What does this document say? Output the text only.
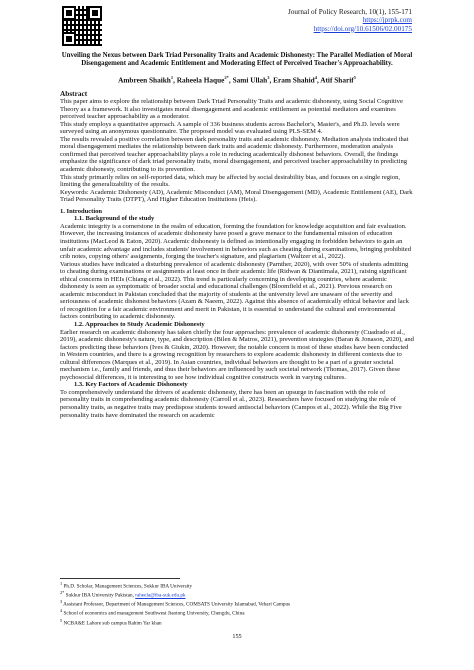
Journal of Policy Research, 10(1), 155-171
https://jprpk.com
https://doi.org/10.61506/02.00175

Unveiling the Nexus between Dark Triad Personality Traits and Academic Dishonesty: The Parallel Mediation of Moral Disengagement and Academic Entitlement and Moderating Effect of Perceived Teacher's Approachability.

Ambreen Shaikh$^1$, Raheela Haque$^{2*}$, Sami Ullah$^3$, Eram Shahid$^4$, Atif Sharif$^5$
Abstract

This paper aims to explore the relationship between Dark Triad Personality Traits and academic dishonesty, using Social Cognitive Theory as a framework. It also investigates moral disengagement and academic entitlement as potential mediators and examines perceived teacher approachability as a moderator.

This study employs a quantitative approach. A sample of 336 business students across Bachelor's, Master's, and Ph.D. levels were surveyed using an anonymous questionnaire. The proposed model was evaluated using PLS-SEM 4.

The results revealed a positive correlation between dark personality traits and academic dishonesty. Mediation analysis indicated that moral disengagement mediates the relationship between dark traits and academic dishonesty. Furthermore, moderation analysis confirmed that perceived teacher approachability plays a role in reducing academically dishonest behaviors. Overall, the findings emphasize the significance of dark triad personality traits, moral disengagement, and perceived teacher approachability in predicting academic dishonesty, contributing to its prevention.

This study primarily relies on self-reported data, which may be affected by social desirability bias, and focuses on a single region, limiting the generalizability of the results.

Keywords: Academic Dishonesty (AD), Academic Misconduct (AM), Moral Disengagement (MD), Academic Entitlement (AE), Dark Triad Personality Traits (DTPT), And Higher Education Institutions (Heis).

1. Introduction
1.1. Background of the study

Academic integrity is a cornerstone in the realm of education, forming the foundation for knowledge acquisition and fair evaluation. However, the increasing instances of academic dishonesty have posed a grave menace to the fundamental mission of education institutions (MacLeod & Eaton, 2020). Academic dishonesty is defined as intentionally engaging in forbidden behaviors to gain an unfair academic advantage and includes students' involvement in behaviors such as cheating during examinations, bringing prohibited crib notes, copying others' assignments, forging the teacher's signature, and plagiarism (Waltzer et al., 2022).

Various studies have indicated a disturbing prevalence of academic dishonesty (Parnther, 2020), with over 50% of students admitting to cheating during examinations or assignments at least once in their academic life (Ridwan & Diantimala, 2021), raising significant ethical concerns in HEIs (Chiang et al., 2022). This trend is particularly concerning in developing countries, where academic dishonesty is seen as symptomatic of broader social and educational challenges (Bloomfield et al., 2021). Previous research on academic misconduct in Pakistan concluded that the majority of students at the university level are unaware of the severity and seriousness of academic dishonest behaviors (Azam & Naeem, 2022). Against this absence of academically ethical behavior and lack of recognition for a fair academic environment and merit in Pakistan, it is essential to understand the cultural and environmental factors contributing to academic dishonesty.

1.2. Approaches to Study Academic Dishonesty

Earlier research on academic dishonesty has taken chiefly the four approaches: prevalence of academic dishonesty (Cuadrado et al., 2019), academic dishonesty's nature, type, and description (Bilen & Matros, 2021), prevention strategies (Baran & Jonason, 2020), and factors predicting these behaviors (Ives & Giukin, 2020). However, the notable concern is most of these studies have been conducted in Western countries, and there is a growing recognition by researchers to explore academic dishonesty in different contexts due to cultural differences (Marques et al., 2019). In Asian countries, individual behaviors are thought to be a part of a greater societal mechanism i.e., family and friends, and thus their behaviors are influenced by such societal network (Thomas, 2017). Given these psychosocial differences, it is interesting to see how individual cognitive constructs work in varying cultures.

1.3. Key Factors of Academic Dishonesty

To comprehensively understand the drivers of academic dishonesty, there has been an upsurge in fascination with the role of personality traits in comprehending academic dishonesty (Carroll et al., 2023). Researchers have focused on studying the role of personality traits, as negative traits may predispose students toward antisocial behaviors (Campos et al., 2022). While the Big Five personality traits have dominated the research on academic

$^1$ Ph.D. Scholar, Management Sciences, Sukkur IBA University
$^{2*}$ Sukkur IBA University Pakistan, raheela@iba-suk.edu.pk
$^3$ Assistant Professor, Department of Management Sciences, COMSATS University Islamabad, Vehari Campus
$^4$ School of economics and management Southwest Jiaotong University, Chengdu, China
$^5$ NCBA&E Lahore sub campus Rahim Yar khan
155
